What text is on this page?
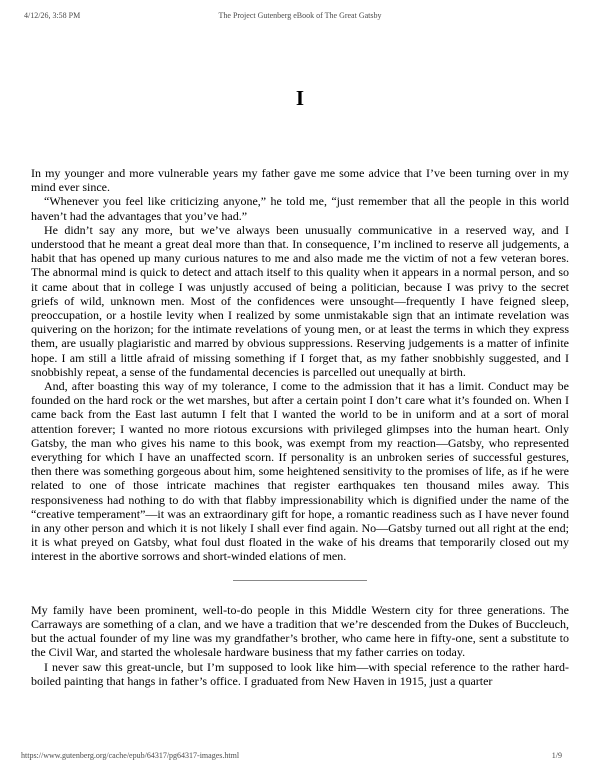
4/12/26, 3:58 PM	The Project Gutenberg eBook of The Great Gatsby
I

In my younger and more vulnerable years my father gave me some advice that I’ve been turning over in my mind ever since.

“Whenever you feel like criticizing anyone,” he told me, “just remember that all the people in this world haven’t had the advantages that you’ve had.”

He didn’t say any more, but we’ve always been unusually communicative in a reserved way, and I understood that he meant a great deal more than that. In consequence, I’m inclined to reserve all judgements, a habit that has opened up many curious natures to me and also made me the victim of not a few veteran bores. The abnormal mind is quick to detect and attach itself to this quality when it appears in a normal person, and so it came about that in college I was unjustly accused of being a politician, because I was privy to the secret griefs of wild, unknown men. Most of the confidences were unsought—frequently I have feigned sleep, preoccupation, or a hostile levity when I realized by some unmistakable sign that an intimate revelation was quivering on the horizon; for the intimate revelations of young men, or at least the terms in which they express them, are usually plagiaristic and marred by obvious suppressions. Reserving judgements is a matter of infinite hope. I am still a little afraid of missing something if I forget that, as my father snobbishly suggested, and I snobbishly repeat, a sense of the fundamental decencies is parcelled out unequally at birth.

And, after boasting this way of my tolerance, I come to the admission that it has a limit. Conduct may be founded on the hard rock or the wet marshes, but after a certain point I don’t care what it’s founded on. When I came back from the East last autumn I felt that I wanted the world to be in uniform and at a sort of moral attention forever; I wanted no more riotous excursions with privileged glimpses into the human heart. Only Gatsby, the man who gives his name to this book, was exempt from my reaction—Gatsby, who represented everything for which I have an unaffected scorn. If personality is an unbroken series of successful gestures, then there was something gorgeous about him, some heightened sensitivity to the promises of life, as if he were related to one of those intricate machines that register earthquakes ten thousand miles away. This responsiveness had nothing to do with that flabby impressionability which is dignified under the name of the “creative temperament”—it was an extraordinary gift for hope, a romantic readiness such as I have never found in any other person and which it is not likely I shall ever find again. No—Gatsby turned out all right at the end; it is what preyed on Gatsby, what foul dust floated in the wake of his dreams that temporarily closed out my interest in the abortive sorrows and short-winded elations of men.

My family have been prominent, well-to-do people in this Middle Western city for three generations. The Carraways are something of a clan, and we have a tradition that we’re descended from the Dukes of Buccleuch, but the actual founder of my line was my grandfather’s brother, who came here in fifty-one, sent a substitute to the Civil War, and started the wholesale hardware business that my father carries on today.

I never saw this great-uncle, but I’m supposed to look like him—with special reference to the rather hard-boiled painting that hangs in father’s office. I graduated from New Haven in 1915, just a quarter

https://www.gutenberg.org/cache/epub/64317/pg64317-images.html	1/9
